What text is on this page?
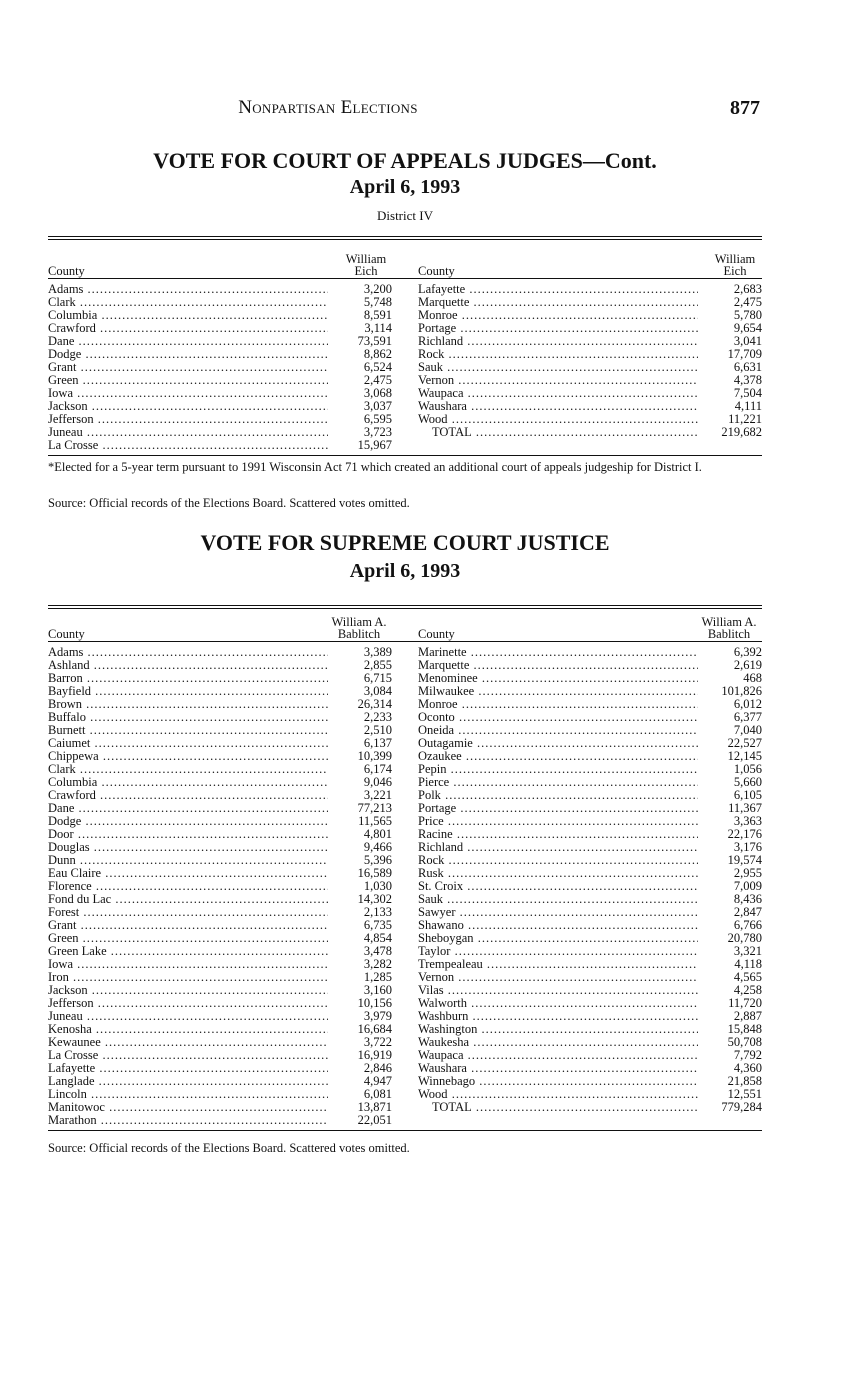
Nonpartisan Elections	877
VOTE FOR COURT OF APPEALS JUDGES—Cont.
April 6, 1993
District IV
County
William
Eich	County
William
Eich
Adams .....	3,200
Clark .....	5,748
Columbia .....	8,591
Crawford .....	3,114
Dane .....	73,591
Dodge .....	8,862
Grant .....	6,524
Green .....	2,475
Iowa .....	3,068
Jackson .....	3,037
Jefferson .....	6,595
Juneau .....	3,723
La Crosse .....	15,967
Lafayette .....	2,683
Marquette .....	2,475
Monroe .....	5,780
Portage .....	9,654
Richland .....	3,041
Rock .....	17,709
Sauk .....	6,631
Vernon .....	4,378
Waupaca .....	7,504
Waushara .....	4,111
Wood .....	11,221
TOTAL .....	219,682
*Elected for a 5-year term pursuant to 1991 Wisconsin Act 71 which created an additional court of appeals judgeship for District I.
Source: Official records of the Elections Board. Scattered votes omitted.
VOTE FOR SUPREME COURT JUSTICE
April 6, 1993
County
William A.
Bablitch	County
William A.
Bablitch
Adams .....	3,389
Ashland .....	2,855
Barron .....	6,715
Bayfield .....	3,084
Brown .....	26,314
Buffalo .....	2,233
Burnett .....	2,510
Caiumet .....	6,137
Chippewa .....	10,399
Clark .....	6,174
Columbia .....	9,046
Crawford .....	3,221
Dane .....	77,213
Dodge .....	11,565
Door .....	4,801
Douglas .....	9,466
Dunn .....	5,396
Eau Claire .....	16,589
Florence .....	1,030
Fond du Lac .....	14,302
Forest .....	2,133
Grant .....	6,735
Green .....	4,854
Green Lake .....	3,478
Iowa .....	3,282
Iron .....	1,285
Jackson .....	3,160
Jefferson .....	10,156
Juneau .....	3,979
Kenosha .....	16,684
Kewaunee .....	3,722
La Crosse .....	16,919
Lafayette .....	2,846
Langlade .....	4,947
Lincoln .....	6,081
Manitowoc .....	13,871
Marathon .....	22,051
Marinette .....	6,392
Marquette .....	2,619
Menominee .....	468
Milwaukee .....	101,826
Monroe .....	6,012
Oconto .....	6,377
Oneida .....	7,040
Outagamie .....	22,527
Ozaukee .....	12,145
Pepin .....	1,056
Pierce .....	5,660
Polk .....	6,105
Portage .....	11,367
Price .....	3,363
Racine .....	22,176
Richland .....	3,176
Rock .....	19,574
Rusk .....	2,955
St. Croix .....	7,009
Sauk .....	8,436
Sawyer .....	2,847
Shawano .....	6,766
Sheboygan .....	20,780
Taylor .....	3,321
Trempealeau .....	4,118
Vernon .....	4,565
Vilas .....	4,258
Walworth .....	11,720
Washburn .....	2,887
Washington .....	15,848
Waukesha .....	50,708
Waupaca .....	7,792
Waushara .....	4,360
Winnebago .....	21,858
Wood .....	12,551
TOTAL .....	779,284
Source: Official records of the Elections Board. Scattered votes omitted.
